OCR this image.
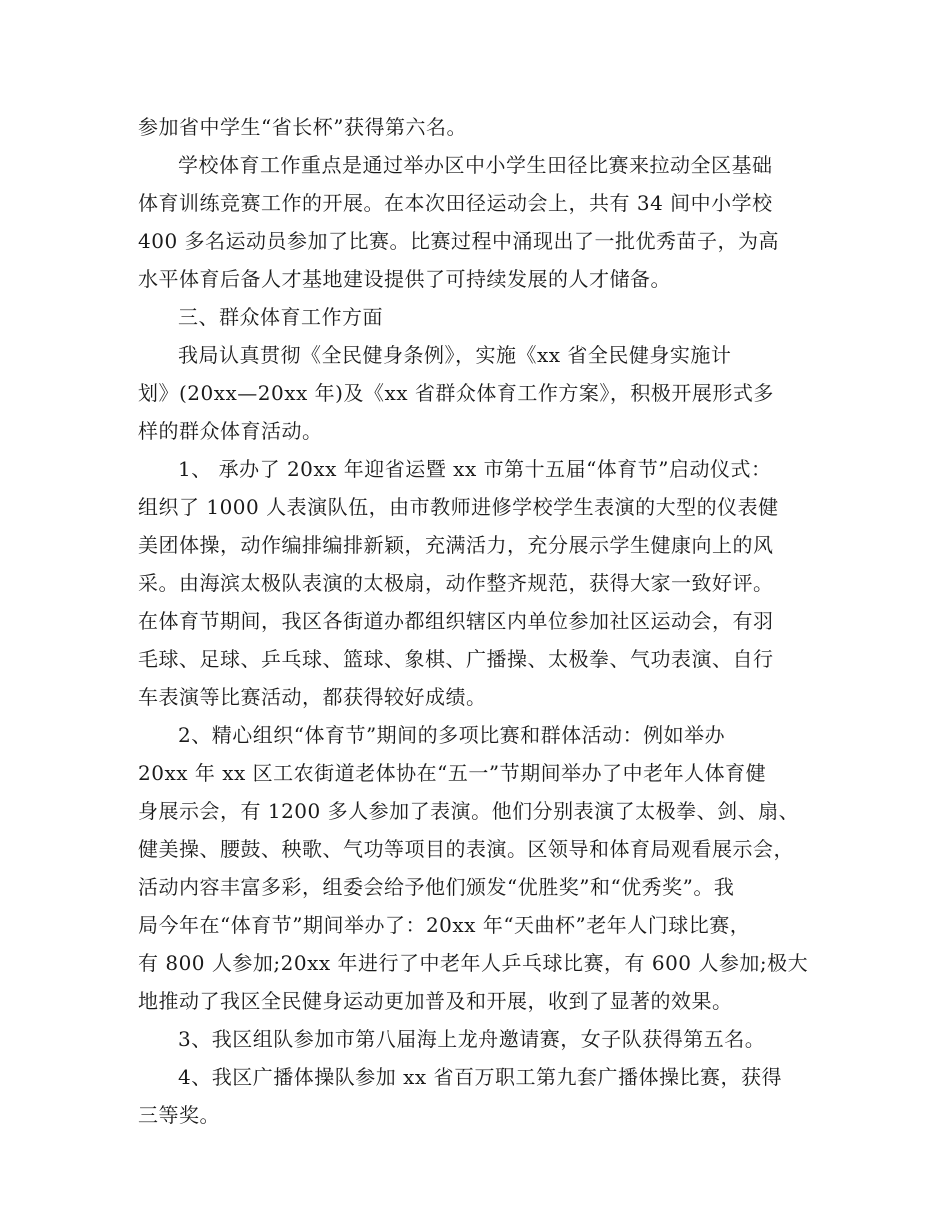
参加省中学生“省长杯”获得第六名。
学校体育工作重点是通过举办区中小学生田径比赛来拉动全区基础
体育训练竞赛工作的开展。在本次田径运动会上，共有 34 间中小学校
400 多名运动员参加了比赛。比赛过程中涌现出了一批优秀苗子，为高
水平体育后备人才基地建设提供了可持续发展的人才储备。
三、群众体育工作方面
我局认真贯彻《全民健身条例》，实施《xx 省全民健身实施计
划》(20xx—20xx 年)及《xx 省群众体育工作方案》，积极开展形式多
样的群众体育活动。
1、 承办了 20xx 年迎省运暨 xx 市第十五届“体育节”启动仪式：
组织了 1000 人表演队伍，由市教师进修学校学生表演的大型的仪表健
美团体操，动作编排编排新颖，充满活力，充分展示学生健康向上的风
采。由海滨太极队表演的太极扇，动作整齐规范，获得大家一致好评。
在体育节期间，我区各街道办都组织辖区内单位参加社区运动会，有羽
毛球、足球、乒乓球、篮球、象棋、广播操、太极拳、气功表演、自行
车表演等比赛活动，都获得较好成绩。
2、精心组织“体育节”期间的多项比赛和群体活动：例如举办
20xx 年 xx 区工农街道老体协在“五一”节期间举办了中老年人体育健
身展示会，有 1200 多人参加了表演。他们分别表演了太极拳、剑、扇、
健美操、腰鼓、秧歌、气功等项目的表演。区领导和体育局观看展示会，
活动内容丰富多彩，组委会给予他们颁发“优胜奖”和“优秀奖”。我
局今年在“体育节”期间举办了：20xx 年“天曲杯”老年人门球比赛，
有 800 人参加;20xx 年进行了中老年人乒乓球比赛，有 600 人参加;极大
地推动了我区全民健身运动更加普及和开展，收到了显著的效果。
3、我区组队参加市第八届海上龙舟邀请赛，女子队获得第五名。
4、我区广播体操队参加 xx 省百万职工第九套广播体操比赛，获得
三等奖。
